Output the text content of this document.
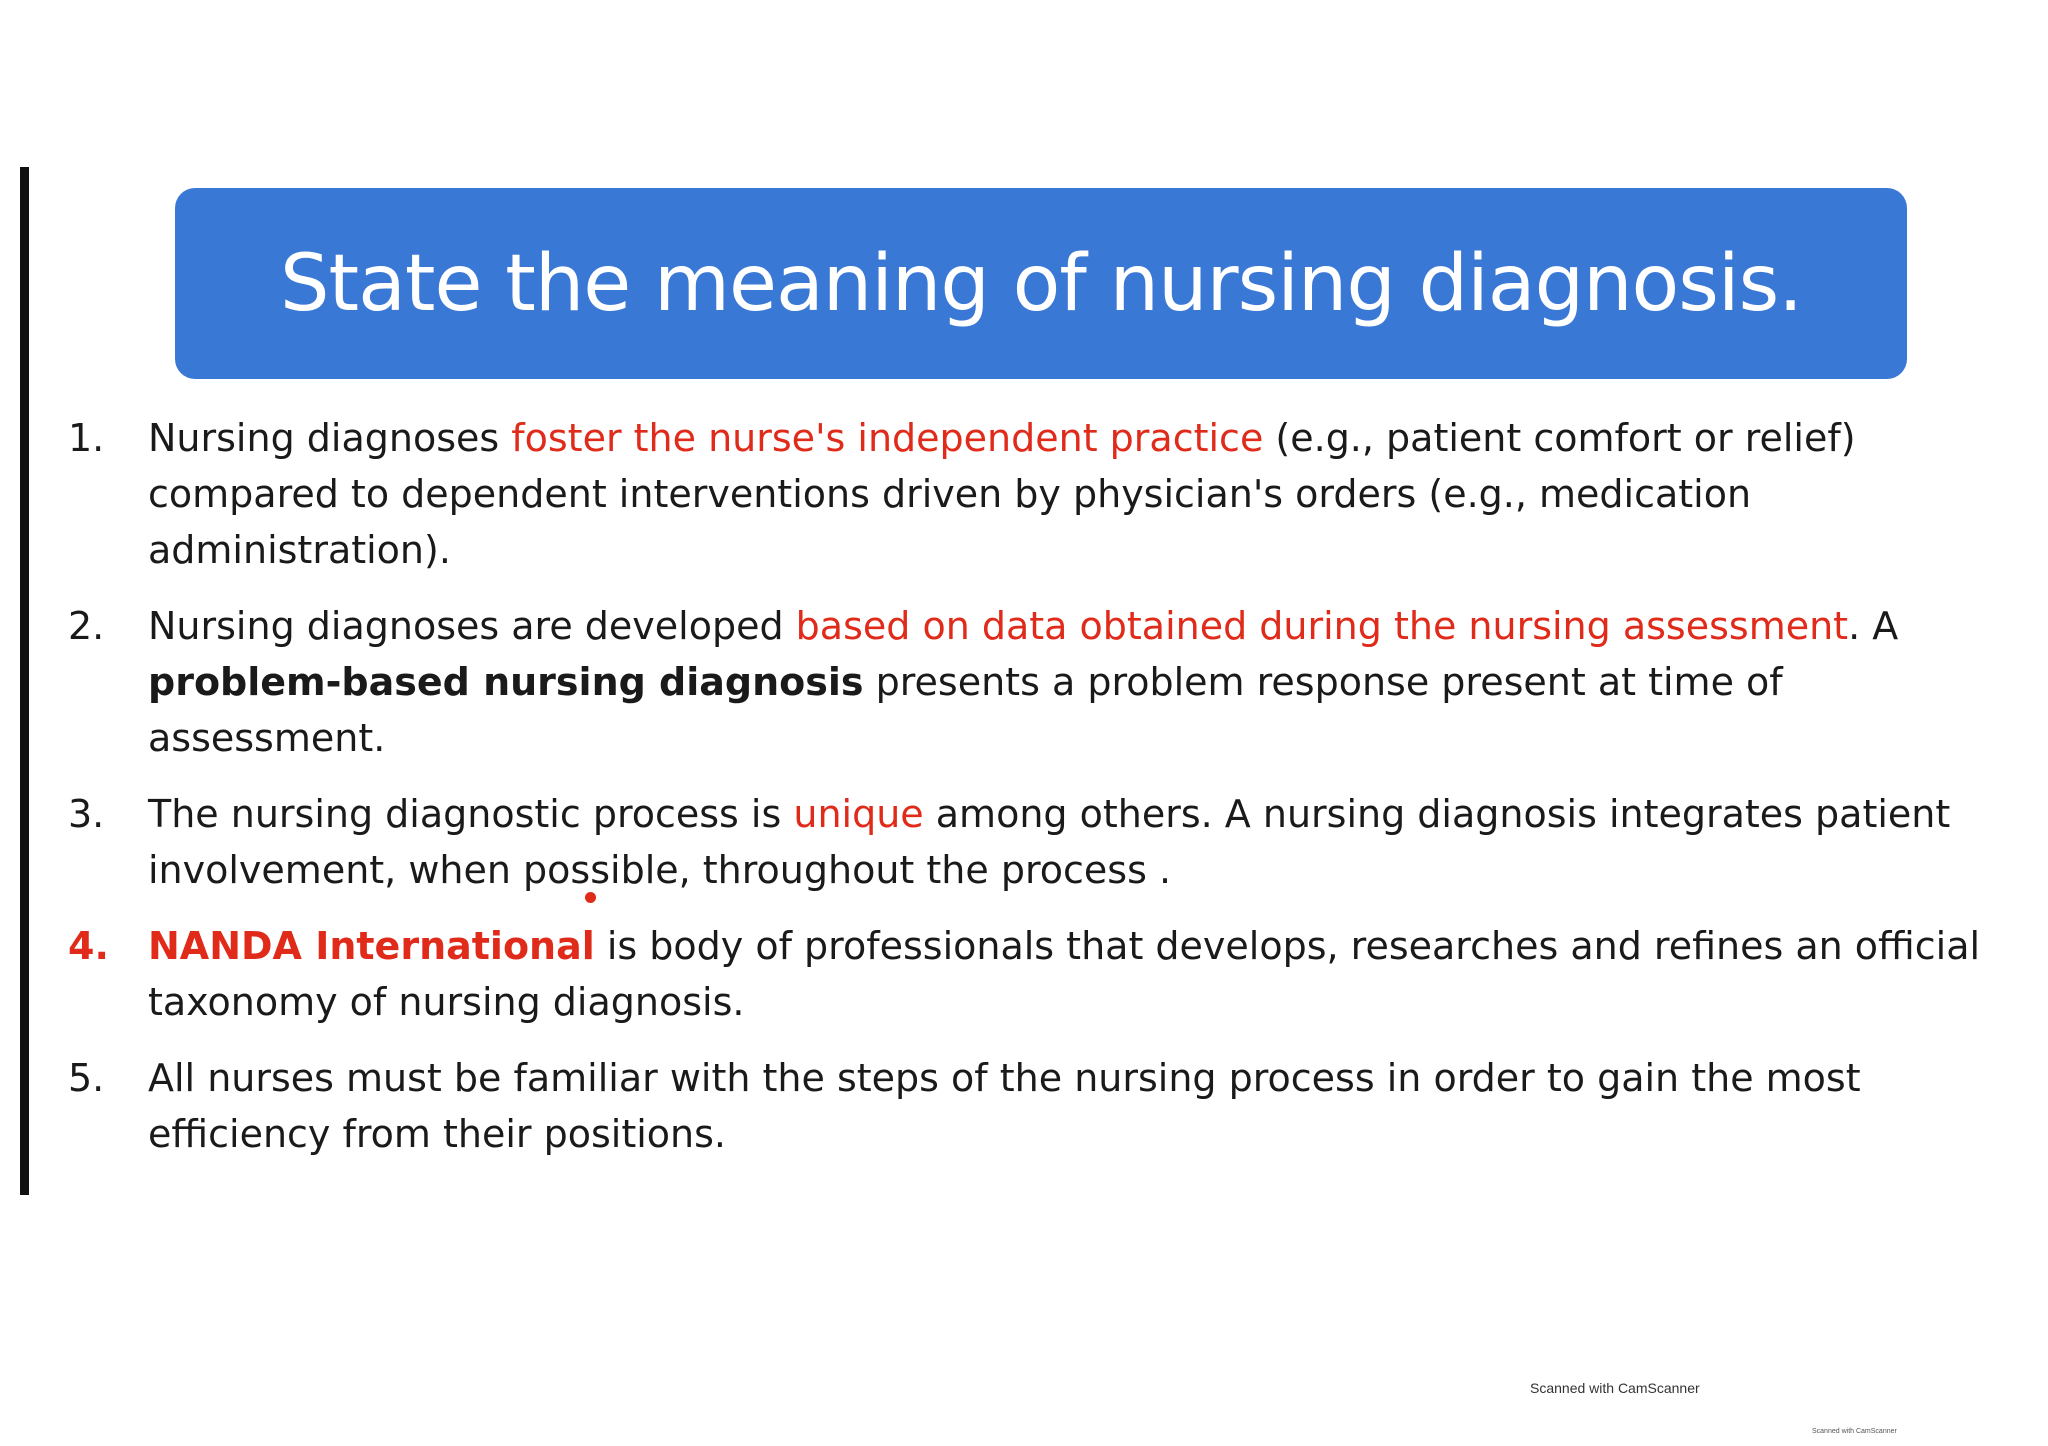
State the meaning of nursing diagnosis.
1.	Nursing diagnoses foster the nurse's independent practice (e.g., patient comfort or relief) compared to dependent interventions driven by physician's orders (e.g., medication administration).
2.	Nursing diagnoses are developed based on data obtained during the nursing assessment. A problem-based nursing diagnosis presents a problem response present at time of assessment.
3.	The nursing diagnostic process is unique among others. A nursing diagnosis integrates patient involvement, when possible, throughout the process .
4.	NANDA International is body of professionals that develops, researches and refines an official taxonomy of nursing diagnosis.
5.	All nurses must be familiar with the steps of the nursing process in order to gain the most efficiency from their positions.
Scanned with CamScanner
Scanned with CamScanner
